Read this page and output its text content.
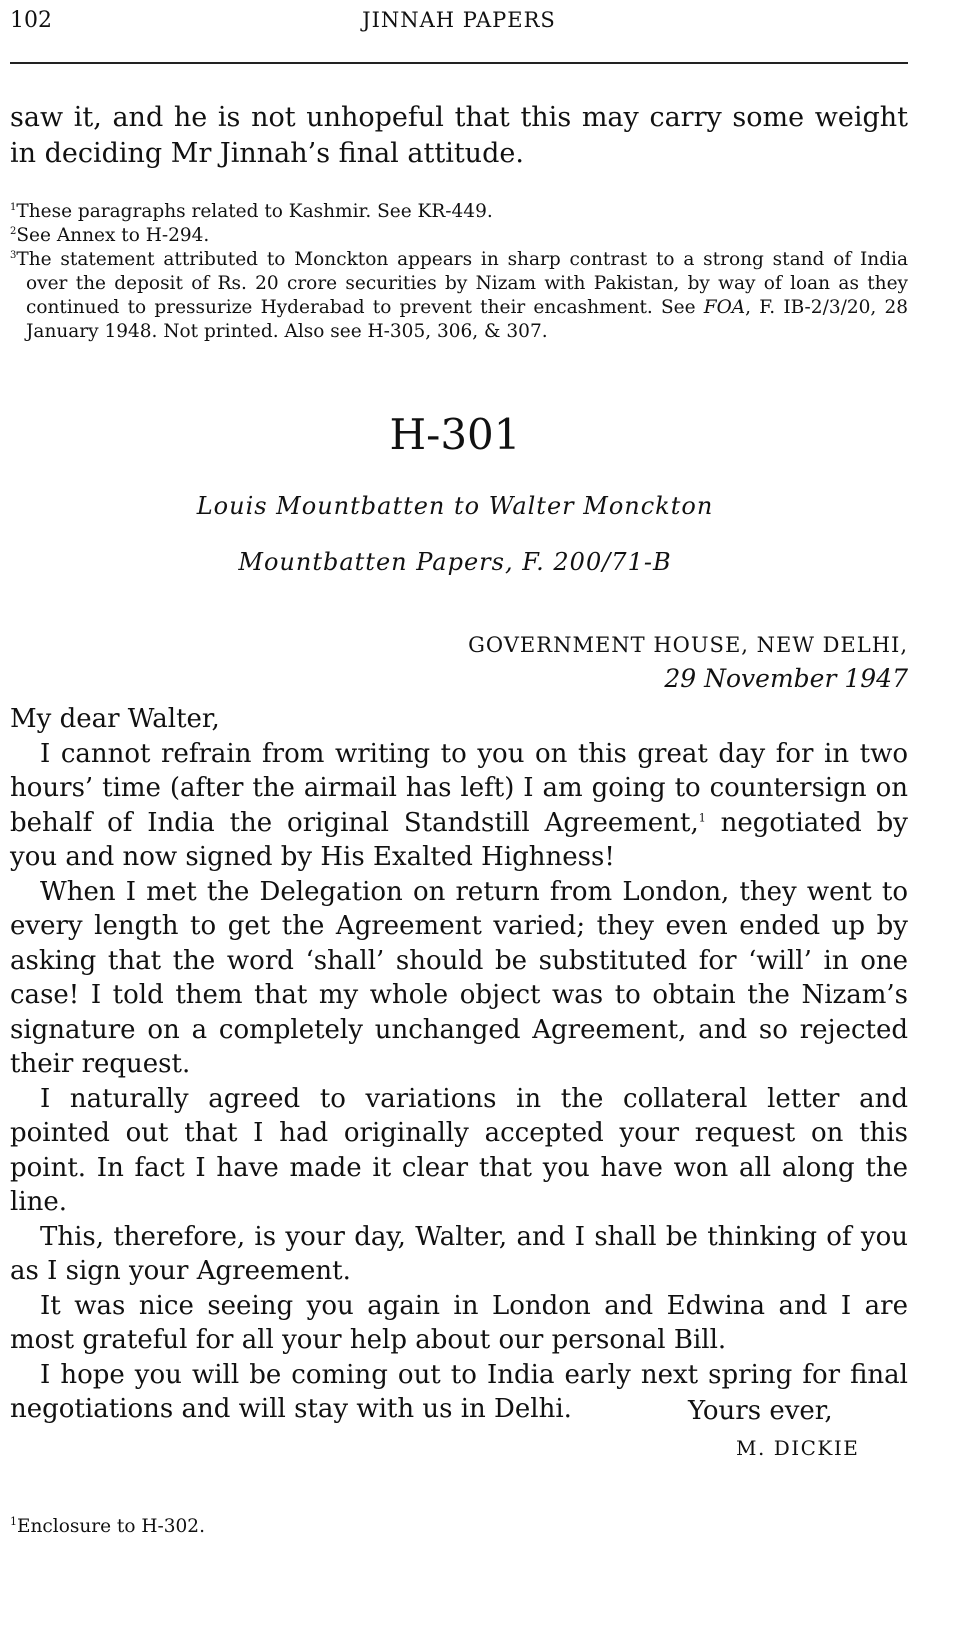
102	JINNAH PAPERS

saw it, and he is not unhopeful that this may carry some weight in deciding Mr Jinnah’s final attitude.

$^1$These paragraphs related to Kashmir. See KR-449.

$^2$See Annex to H-294.

$^3$The statement attributed to Monckton appears in sharp contrast to a strong stand of India over the deposit of Rs. 20 crore securities by Nizam with Pakistan, by way of loan as they continued to pressurize Hyderabad to prevent their encashment. See FOA, F. IB-2/3/20, 28 January 1948. Not printed. Also see H-305, 306, & 307.

H-301
Louis Mountbatten to Walter Monckton
Mountbatten Papers, F. 200/71-B
GOVERNMENT HOUSE, NEW DELHI,
29 November 1947

My dear Walter,

I cannot refrain from writing to you on this great day for in two hours’ time (after the airmail has left) I am going to countersign on behalf of India the original Standstill Agreement,$^1$ negotiated by you and now signed by His Exalted Highness!

When I met the Delegation on return from London, they went to every length to get the Agreement varied; they even ended up by asking that the word ‘shall’ should be substituted for ‘will’ in one case! I told them that my whole object was to obtain the Nizam’s signature on a completely unchanged Agreement, and so rejected their request.

I naturally agreed to variations in the collateral letter and pointed out that I had originally accepted your request on this point. In fact I have made it clear that you have won all along the line.

This, therefore, is your day, Walter, and I shall be thinking of you as I sign your Agreement.

It was nice seeing you again in London and Edwina and I are most grateful for all your help about our personal Bill.

I hope you will be coming out to India early next spring for final negotiations and will stay with us in Delhi.	Yours ever,
M. DICKIE
$^1$Enclosure to H-302.
